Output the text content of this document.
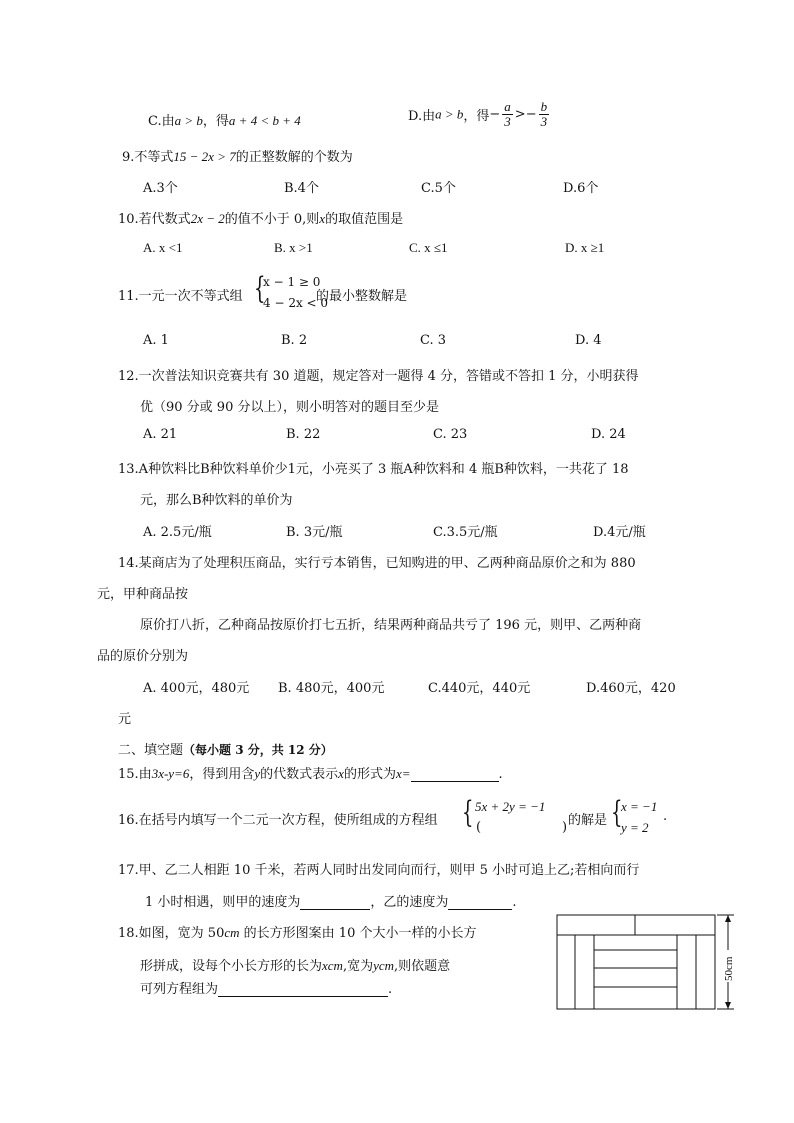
C.由a > b，得a + 4 < b + 4	D.由a > b，得− $\frac{a}{3} >- \frac{b}{3}$
9.不等式15 − 2x > 7的正整数解的个数为
A.3个	B.4个	C.5个	D.6个
10.若代数式2x − 2的值不小于 0,则x的取值范围是
A. x <1	B. x >1	C. x ≤1	D. x ≥1
11.一元一次不等式组 {
x − 1 ≥ 0
4 − 2x < 0
的最小整数解是
A. 1	B. 2	C. 3	D. 4
12.一次普法知识竞赛共有 30 道题，规定答对一题得 4 分，答错或不答扣 1 分，小明获得
优（90 分或 90 分以上），则小明答对的题目至少是
A. 21	B. 22	C. 23	D. 24
13.A种饮料比B种饮料单价少1元，小亮买了 3 瓶A种饮料和 4 瓶B种饮料，一共花了 18
元，那么B种饮料的单价为
A. 2.5元/瓶	B. 3元/瓶	C.3.5元/瓶	D.4元/瓶
14.某商店为了处理积压商品，实行亏本销售，已知购进的甲、乙两种商品原价之和为 880
元，甲种商品按
原价打八折，乙种商品按原价打七五折，结果两种商品共亏了 196 元，则甲、乙两种商
品的原价分别为
A. 400元，480元 B. 480元，400元	C.440元，440元	D.460元，420
元
二、填空题（每小题 3 分，共 12 分）
15.由3x-y=6，得到用含y的代数式表示x的形式为x=	.
16.在括号内填写一个二元一次方程，使所组成的方程组 { 5x + 2y = −1
(	) 的解是 {
x = −1
y = 2
.
17.甲、乙二人相距 10 千米，若两人同时出发同向而行，则甲 5 小时可追上乙;若相向而行
1 小时相遇，则甲的速度为	，乙的速度为	.
18.如图，宽为 50cm 的长方形图案由 10 个大小一样的小长方
形拼成，设每个小长方形的长为xcm,宽为ycm,则依题意
可列方程组为	.
50cm
